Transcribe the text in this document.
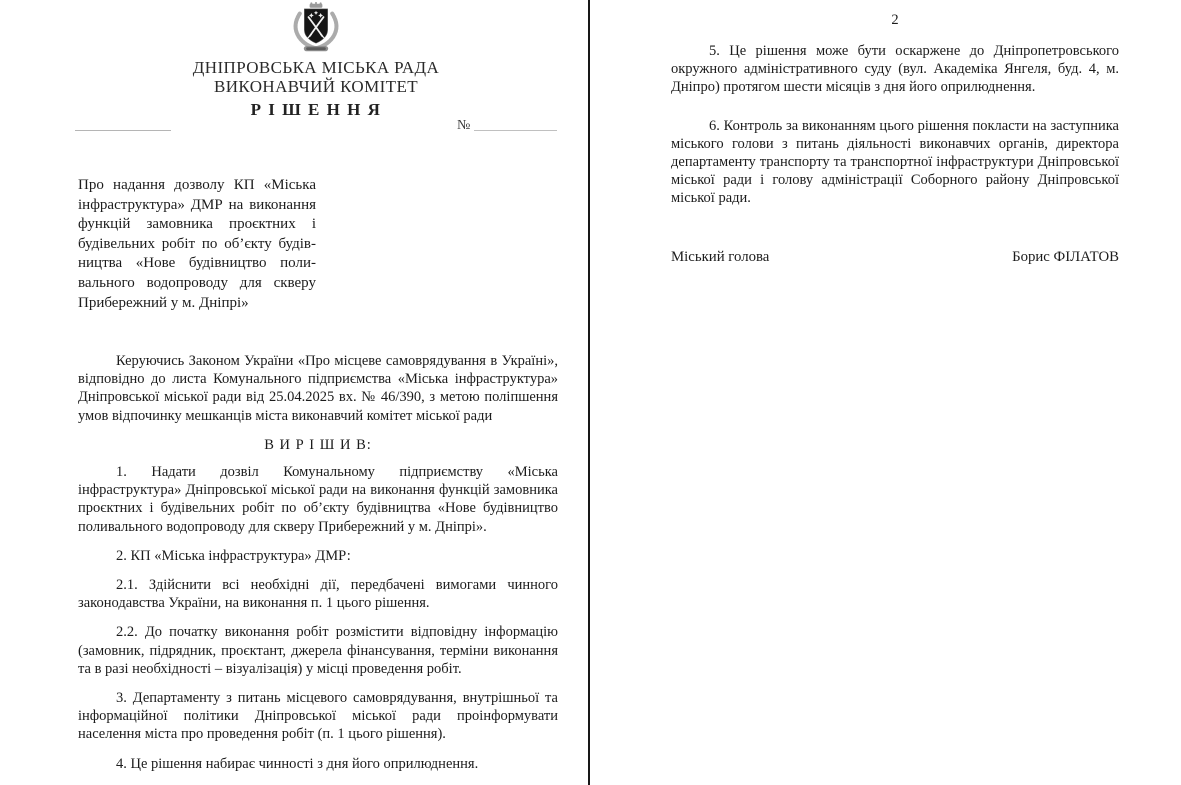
ДНІПРОВСЬКА МІСЬКА РАДА
ВИКОНАВЧИЙ КОМІТЕТ
Р І Ш Е Н Н Я
№
Про надання дозволу КП «Міська
інфраструктура» ДМР на виконання
функцій замовника проєктних і
будівельних робіт по об’єкту будів-
ництва «Нове будівництво поли-
вального водопроводу для скверу
Прибережний у м. Дніпрі»

Керуючись Законом України «Про місцеве самоврядування в Україні», відповідно до листа Комунального підприємства «Міська інфраструктура» Дніпровської міської ради від 25.04.2025 вх. № 46/390, з метою поліпшення умов відпочинку мешканців міста виконавчий комітет міської ради

В И Р І Ш И В:

1. Надати дозвіл Комунальному підприємству «Міська інфраструктура» Дніпровської міської ради на виконання функцій замовника проєктних і будівельних робіт по об’єкту будівництва «Нове будівництво поливального водопроводу для скверу Прибережний у м. Дніпрі».

2. КП «Міська інфраструктура» ДМР:

2.1. Здійснити всі необхідні дії, передбачені вимогами чинного законодавства України, на виконання п. 1 цього рішення.

2.2. До початку виконання робіт розмістити відповідну інформацію (замовник, підрядник, проєктант, джерела фінансування, терміни виконання та в разі необхідності – візуалізація) у місці проведення робіт.

3. Департаменту з питань місцевого самоврядування, внутрішньої та інформаційної політики Дніпровської міської ради проінформувати населення міста про проведення робіт (п. 1 цього рішення).

4. Це рішення набирає чинності з дня його оприлюднення.

2

5. Це рішення може бути оскаржене до Дніпропетровського окружного адміністративного суду (вул. Академіка Янгеля, буд. 4, м. Дніпро) протягом шести місяців з дня його оприлюднення.

6. Контроль за виконанням цього рішення покласти на заступника міського голови з питань діяльності виконавчих органів, директора департаменту транспорту та транспортної інфраструктури Дніпровської міської ради і голову адміністрації Соборного району Дніпровської міської ради.

Міський голова	Борис ФІЛАТОВ
